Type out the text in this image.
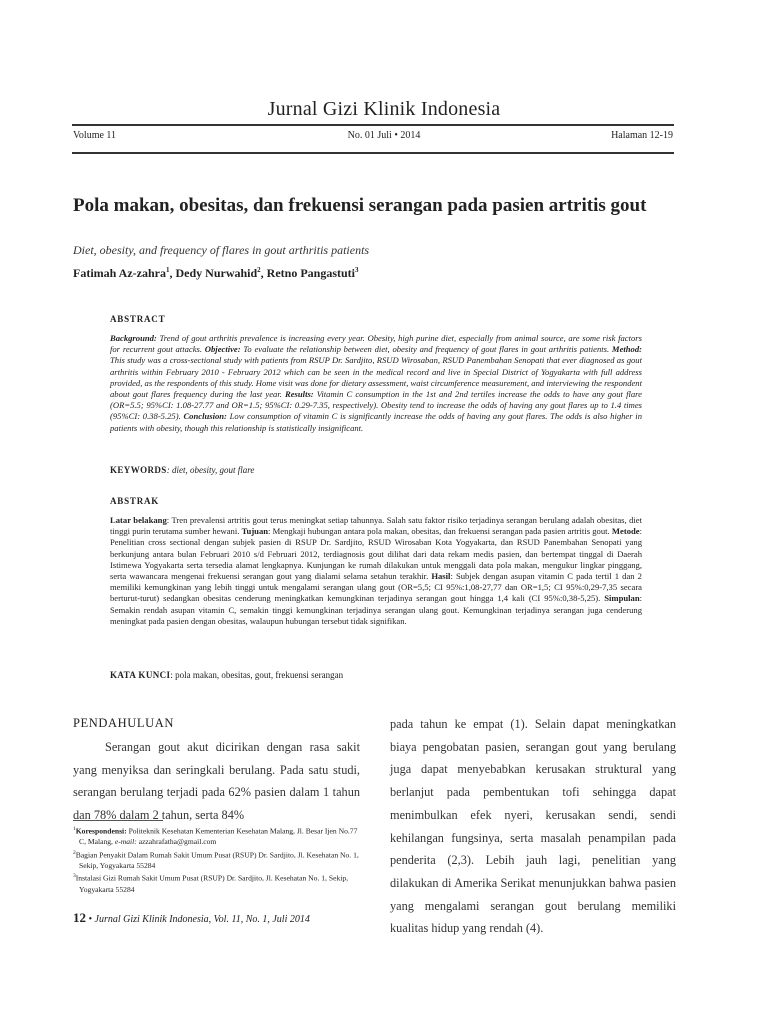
Jurnal Gizi Klinik Indonesia
Volume 11	No. 01 Juli • 2014	Halaman 12-19
Pola makan, obesitas, dan frekuensi serangan pada pasien artritis gout
Diet, obesity, and frequency of flares in gout arthritis patients
Fatimah Az-zahra$^1$, Dedy Nurwahid$^2$, Retno Pangastuti$^3$
ABSTRACT
Background: Trend of gout arthritis prevalence is increasing every year. Obesity, high purine diet, especially from animal source, are some risk factors for recurrent gout attacks. Objective: To evaluate the relationship between diet, obesity and frequency of gout flares in gout arthritis patients. Method: This study was a cross-sectional study with patients from RSUP Dr. Sardjito, RSUD Wirosaban, RSUD Panembahan Senopati that ever diagnosed as gout arthritis within February 2010 - February 2012 which can be seen in the medical record and live in Special District of Yogyakarta with full address provided, as the respondents of this study. Home visit was done for dietary assessment, waist circumference measurement, and interviewing the respondent about gout flares frequency during the last year. Results: Vitamin C consumption in the 1st and 2nd tertiles increase the odds to have any gout flare (OR=5.5; 95%CI: 1.08-27.77 and OR=1.5; 95%CI: 0.29-7.35, respectively). Obesity tend to increase the odds of having any gout flares up to 1.4 times (95%CI: 0.38-5.25). Conclusion: Low consumption of vitamin C is significantly increase the odds of having any gout flares. The odds is also higher in patients with obesity, though this relationship is statistically insignificant.
KEYWORDS: diet, obesity, gout flare
ABSTRAK
Latar belakang: Tren prevalensi artritis gout terus meningkat setiap tahunnya. Salah satu faktor risiko terjadinya serangan berulang adalah obesitas, diet tinggi purin terutama sumber hewani. Tujuan: Mengkaji hubungan antara pola makan, obesitas, dan frekuensi serangan pada pasien artritis gout. Metode: Penelitian cross sectional dengan subjek pasien di RSUP Dr. Sardjito, RSUD Wirosaban Kota Yogyakarta, dan RSUD Panembahan Senopati yang berkunjung antara bulan Februari 2010 s/d Februari 2012, terdiagnosis gout dilihat dari data rekam medis pasien, dan bertempat tinggal di Daerah Istimewa Yogyakarta serta tersedia alamat lengkapnya. Kunjungan ke rumah dilakukan untuk menggali data pola makan, mengukur lingkar pinggang, serta wawancara mengenai frekuensi serangan gout yang dialami selama setahun terakhir. Hasil: Subjek dengan asupan vitamin C pada tertil 1 dan 2 memiliki kemungkinan yang lebih tinggi untuk mengalami serangan ulang gout (OR=5,5; CI 95%:1,08-27,77 dan OR=1,5; CI 95%:0,29-7,35 secara berturut-turut) sedangkan obesitas cenderung meningkatkan kemungkinan terjadinya serangan gout hingga 1,4 kali (CI 95%:0,38-5,25). Simpulan: Semakin rendah asupan vitamin C, semakin tinggi kemungkinan terjadinya serangan ulang gout. Kemungkinan terjadinya serangan juga cenderung meningkat pada pasien dengan obesitas, walaupun hubungan tersebut tidak signifikan.
KATA KUNCI: pola makan, obesitas, gout, frekuensi serangan
PENDAHULUAN
Serangan gout akut dicirikan dengan rasa sakit yang menyiksa dan seringkali berulang. Pada satu studi, serangan berulang terjadi pada 62% pasien dalam 1 tahun dan 78% dalam 2 tahun, serta 84%
pada tahun ke empat (1). Selain dapat meningkatkan biaya pengobatan pasien, serangan gout yang berulang juga dapat menyebabkan kerusakan struktural yang berlanjut pada pembentukan tofi sehingga dapat menimbulkan efek nyeri, kerusakan sendi, sendi kehilangan fungsinya, serta masalah penampilan pada penderita (2,3). Lebih jauh lagi, penelitian yang dilakukan di Amerika Serikat menunjukkan bahwa pasien yang mengalami serangan gout berulang memiliki kualitas hidup yang rendah (4).

$^1$Korespondensi: Politeknik Kesehatan Kementerian Kesehatan Malang, Jl. Besar Ijen No.77 C, Malang, e-mail: azzahrafatha@gmail.com

$^2$Bagian Penyakit Dalam Rumah Sakit Umum Pusat (RSUP) Dr. Sardjito, Jl. Kesehatan No. 1, Sekip, Yogyakarta 55284

$^3$Instalasi Gizi Rumah Sakit Umum Pusat (RSUP) Dr. Sardjito, Jl. Kesehatan No. 1, Sekip, Yogyakarta 55284

12 • Jurnal Gizi Klinik Indonesia, Vol. 11, No. 1, Juli 2014
